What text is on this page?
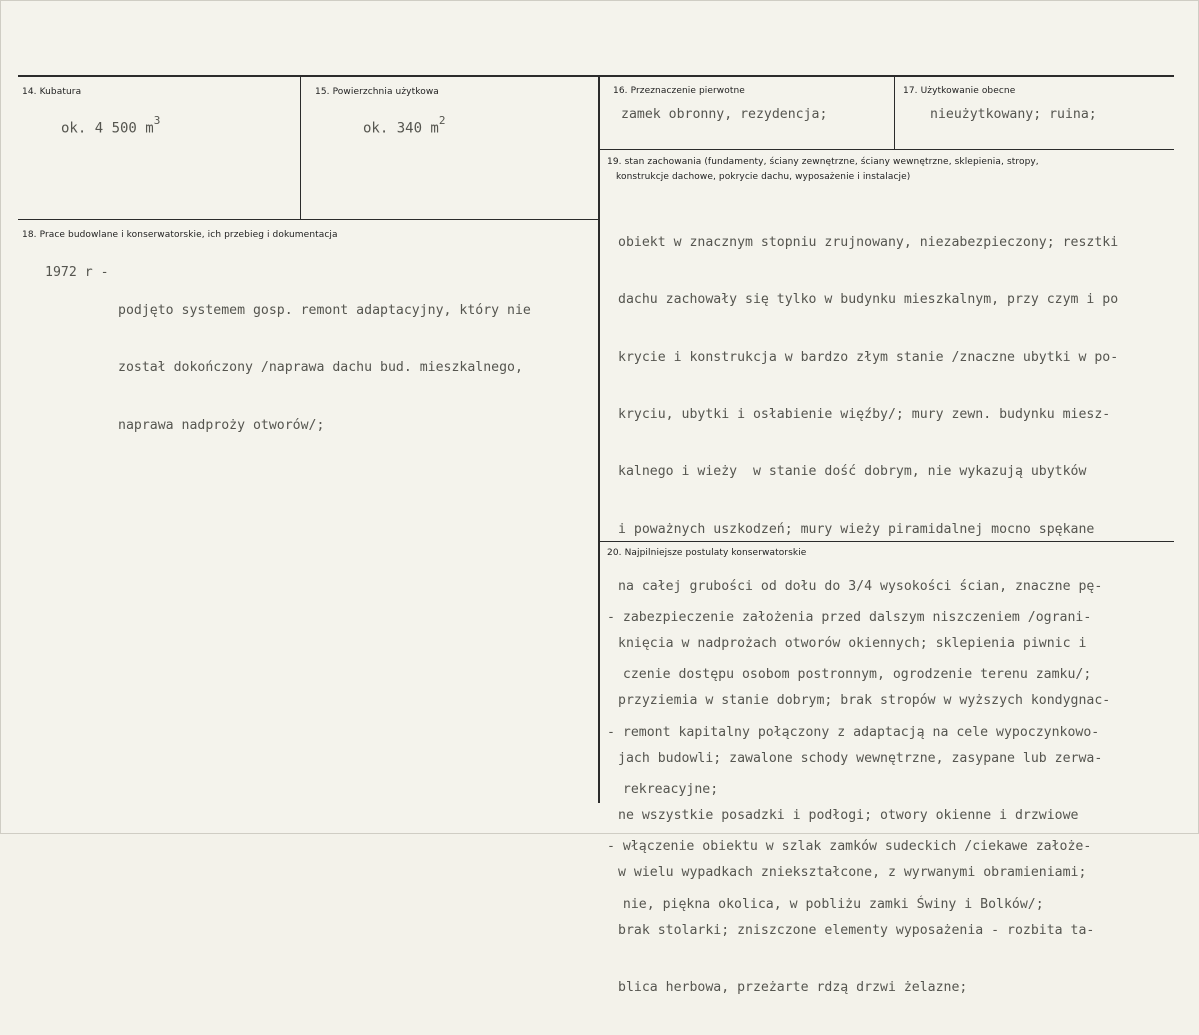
14. Kubatura
ok. 4 500 $m^3$
15. Powierzchnia użytkowa
ok. 340 $m^2$
16. Przeznaczenie pierwotne
zamek obronny, rezydencja;
17. Użytkowanie obecne
nieużytkowany; ruina;
19. stan zachowania (fundamenty, ściany zewnętrzne, ściany wewnętrzne, sklepienia, stropy,
konstrukcje dachowe, pokrycie dachu, wyposażenie i instalacje)

obiekt w znacznym stopniu zrujnowany, niezabezpieczony; resztki

dachu zachowały się tylko w budynku mieszkalnym, przy czym i po

krycie i konstrukcja w bardzo złym stanie /znaczne ubytki w po-

kryciu, ubytki i osłabienie więźby/; mury zewn. budynku miesz-

kalnego i wieży  w stanie dość dobrym, nie wykazują ubytków

i poważnych uszkodzeń; mury wieży piramidalnej mocno spękane

na całej grubości od dołu do 3/4 wysokości ścian, znaczne pę-

knięcia w nadprożach otworów okiennych; sklepienia piwnic i

przyziemia w stanie dobrym; brak stropów w wyższych kondygnac-

jach budowli; zawalone schody wewnętrzne, zasypane lub zerwa-

ne wszystkie posadzki i podłogi; otwory okienne i drzwiowe

w wielu wypadkach zniekształcone, z wyrwanymi obramieniami;

brak stolarki; zniszczone elementy wyposażenia - rozbita ta-

blica herbowa, przeżarte rdzą drzwi żelazne;

18. Prace budowlane i konserwatorskie, ich przebieg i dokumentacja
1972 r -

podjęto systemem gosp. remont adaptacyjny, który nie

został dokończony /naprawa dachu bud. mieszkalnego,

naprawa nadproży otworów/;

20. Najpilniejsze postulaty konserwatorskie

- zabezpieczenie założenia przed dalszym niszczeniem /ograni-

czenie dostępu osobom postronnym, ogrodzenie terenu zamku/;

- remont kapitalny połączony z adaptacją na cele wypoczynkowo-

rekreacyjne;

- włączenie obiektu w szlak zamków sudeckich /ciekawe założe-

nie, piękna okolica, w pobliżu zamki Świny i Bolków/;
